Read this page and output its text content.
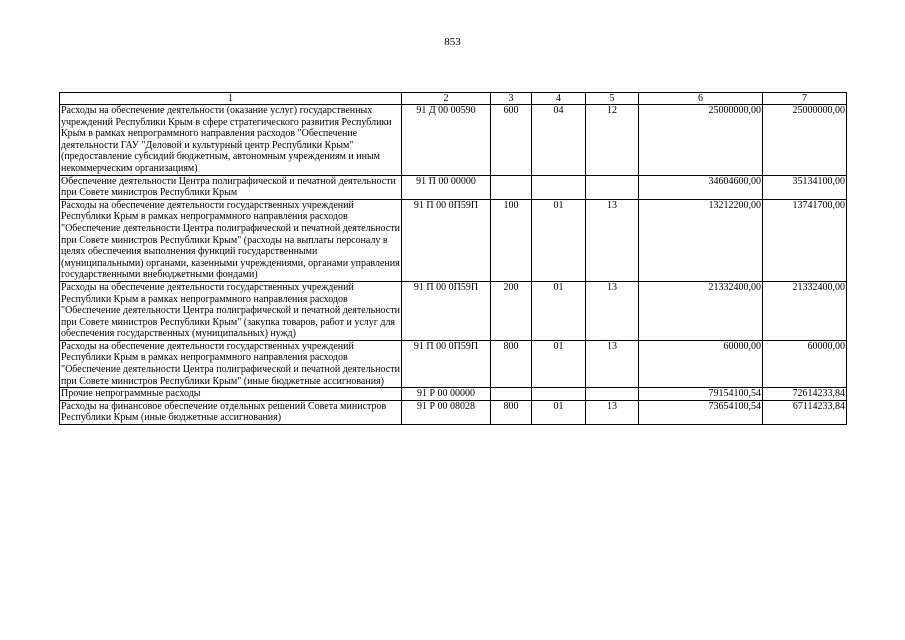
853
1	2	3	4	5	6	7
Расходы на обеспечение деятельности (оказание услуг) государственных учреждений Республики Крым в сфере стратегического развития Республики Крым в рамках непрограммного направления расходов "Обеспечение деятельности ГАУ "Деловой и культурный центр Республики Крым" (предоставление субсидий бюджетным, автономным учреждениям и иным некоммерческим организациям)	91 Д 00 00590	600	04	12	25000000,00	25000000,00
Обеспечение деятельности Центра полиграфической и печатной деятельности при Совете министров Республики Крым	91 П 00 00000				34604600,00	35134100,00
Расходы на обеспечение деятельности государственных учреждений Республики Крым в рамках непрограммного направления расходов "Обеспечение деятельности Центра полиграфической и печатной деятельности при Совете министров Республики Крым" (расходы на выплаты персоналу в целях обеспечения выполнения функций государственными (муниципальными) органами, казенными учреждениями, органами управления государственными внебюджетными фондами)	91 П 00 0П59П	100	01	13	13212200,00	13741700,00
Расходы на обеспечение деятельности государственных учреждений Республики Крым в рамках непрограммного направления расходов "Обеспечение деятельности Центра полиграфической и печатной деятельности при Совете министров Республики Крым" (закупка товаров, работ и услуг для обеспечения государственных (муниципальных) нужд)	91 П 00 0П59П	200	01	13	21332400,00	21332400,00
Расходы на обеспечение деятельности государственных учреждений Республики Крым в рамках непрограммного направления расходов "Обеспечение деятельности Центра полиграфической и печатной деятельности при Совете министров Республики Крым" (иные бюджетные ассигнования)	91 П 00 0П59П	800	01	13	60000,00	60000,00
Прочие непрограммные расходы	91 Р 00 00000				79154100,54	72614233,84
Расходы на финансовое обеспечение отдельных решений Совета министров Республики Крым (иные бюджетные ассигнования)	91 Р 00 08028	800	01	13	73654100,54	67114233,84
